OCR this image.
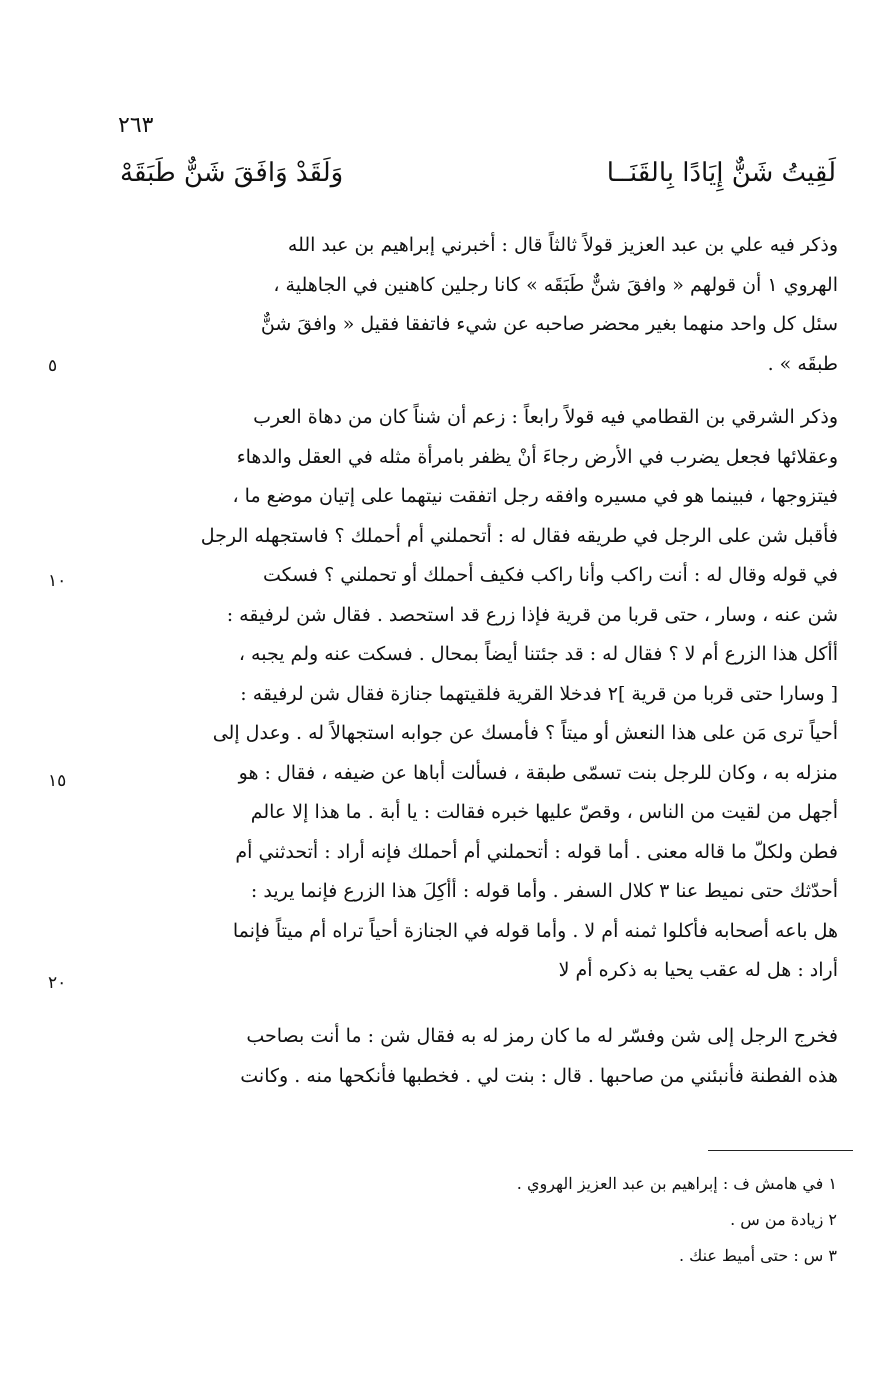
٢٦٣
لَقِيتُ شَنٌّ إِيَادًا بِالقَنَــا
وَلَقَدْ وَافَقَ شَنٌّ طَبَقَهْ
وذكر فيه علي بن عبد العزيز قولاً ثالثاً قال : أخبرني إبراهيم بن عبد الله
الهروي ١ أن قولهم « وافقَ شنٌّ طَبَقَه » كانا رجلين كاهنين في الجاهلية ،
سئل كل واحد منهما بغير محضر صاحبه عن شيء فاتفقا فقيل « وافقَ شنٌّ
طبقَه » .
وذكر الشرقي بن القطامي فيه قولاً رابعاً : زعم أن شناً كان من دهاة العرب
وعقلائها فجعل يضرب في الأرض رجاءَ أنْ يظفر بامرأة مثله في العقل والدهاء
فيتزوجها ، فبينما هو في مسيره وافقه رجل اتفقت نيتهما على إتيان موضع ما ،
فأقبل شن على الرجل في طريقه فقال له : أتحملني أم أحملك ؟ فاستجهله الرجل
في قوله وقال له : أنت راكب وأنا راكب فكيف أحملك أو تحملني ؟ فسكت
شن عنه ، وسار ، حتى قربا من قرية فإذا زرع قد استحصد . فقال شن لرفيقه :
أأكل هذا الزرع أم لا ؟ فقال له : قد جئتنا أيضاً بمحال . فسكت عنه ولم يجبه ،
[ وسارا حتى قربا من قرية ]٢ فدخلا القرية فلقيتهما جنازة فقال شن لرفيقه :
أحياً ترى مَن على هذا النعش أو ميتاً ؟ فأمسك عن جوابه استجهالاً له . وعدل إلى
منزله به ، وكان للرجل بنت تسمّى طبقة ، فسألت أباها عن ضيفه ، فقال : هو
أجهل من لقيت من الناس ، وقصّ عليها خبره فقالت : يا أبة . ما هذا إلا عالم
فطن ولكلّ ما قاله معنى . أما قوله : أتحملني أم أحملك فإنه أراد : أتحدثني أم
أحدّثك حتى نميط عنا ٣ كلال السفر . وأما قوله : أأكِلَ هذا الزرع فإنما يريد :
هل باعه أصحابه فأكلوا ثمنه أم لا . وأما قوله في الجنازة أحياً تراه أم ميتاً فإنما
أراد : هل له عقب يحيا به ذكره أم لا
فخرج الرجل إلى شن وفسّر له ما كان رمز له به فقال شن : ما أنت بصاحب
هذه الفطنة فأنبئني من صاحبها . قال : بنت لي . فخطبها فأنكحها منه . وكانت
٥
١٠
١٥
٢٠
١ في هامش ف : إبراهيم بن عبد العزيز الهروي .
٢ زيادة من س .
٣ س : حتى أميط عنك .
